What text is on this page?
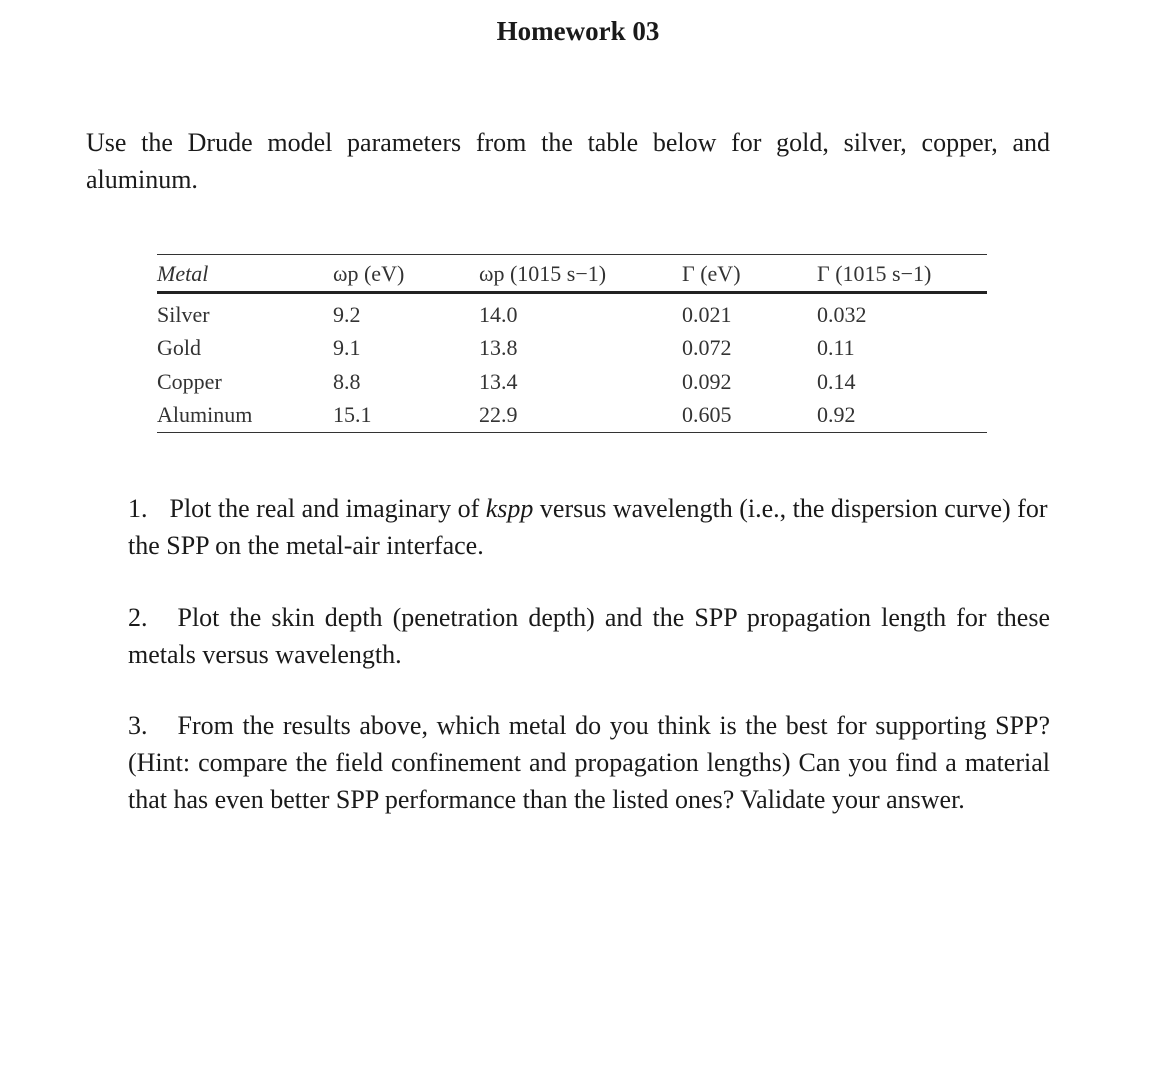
Homework 03
Use the Drude model parameters from the table below for gold, silver, copper, and aluminum.
Metal	ωp (eV)	ωp (1015 s−1)	Γ (eV)	Γ (1015 s−1)
Silver	9.2	14.0	0.021	0.032
Gold	9.1	13.8	0.072	0.11
Copper	8.8	13.4	0.092	0.14
Aluminum	15.1	22.9	0.605	0.92
1. Plot the real and imaginary of kspp versus wavelength (i.e., the dispersion curve) for the SPP on the metal-air interface.
2. Plot the skin depth (penetration depth) and the SPP propagation length for these metals versus wavelength.
3. From the results above, which metal do you think is the best for supporting SPP? (Hint: compare the field confinement and propagation lengths) Can you find a material that has even better SPP performance than the listed ones? Validate your answer.
